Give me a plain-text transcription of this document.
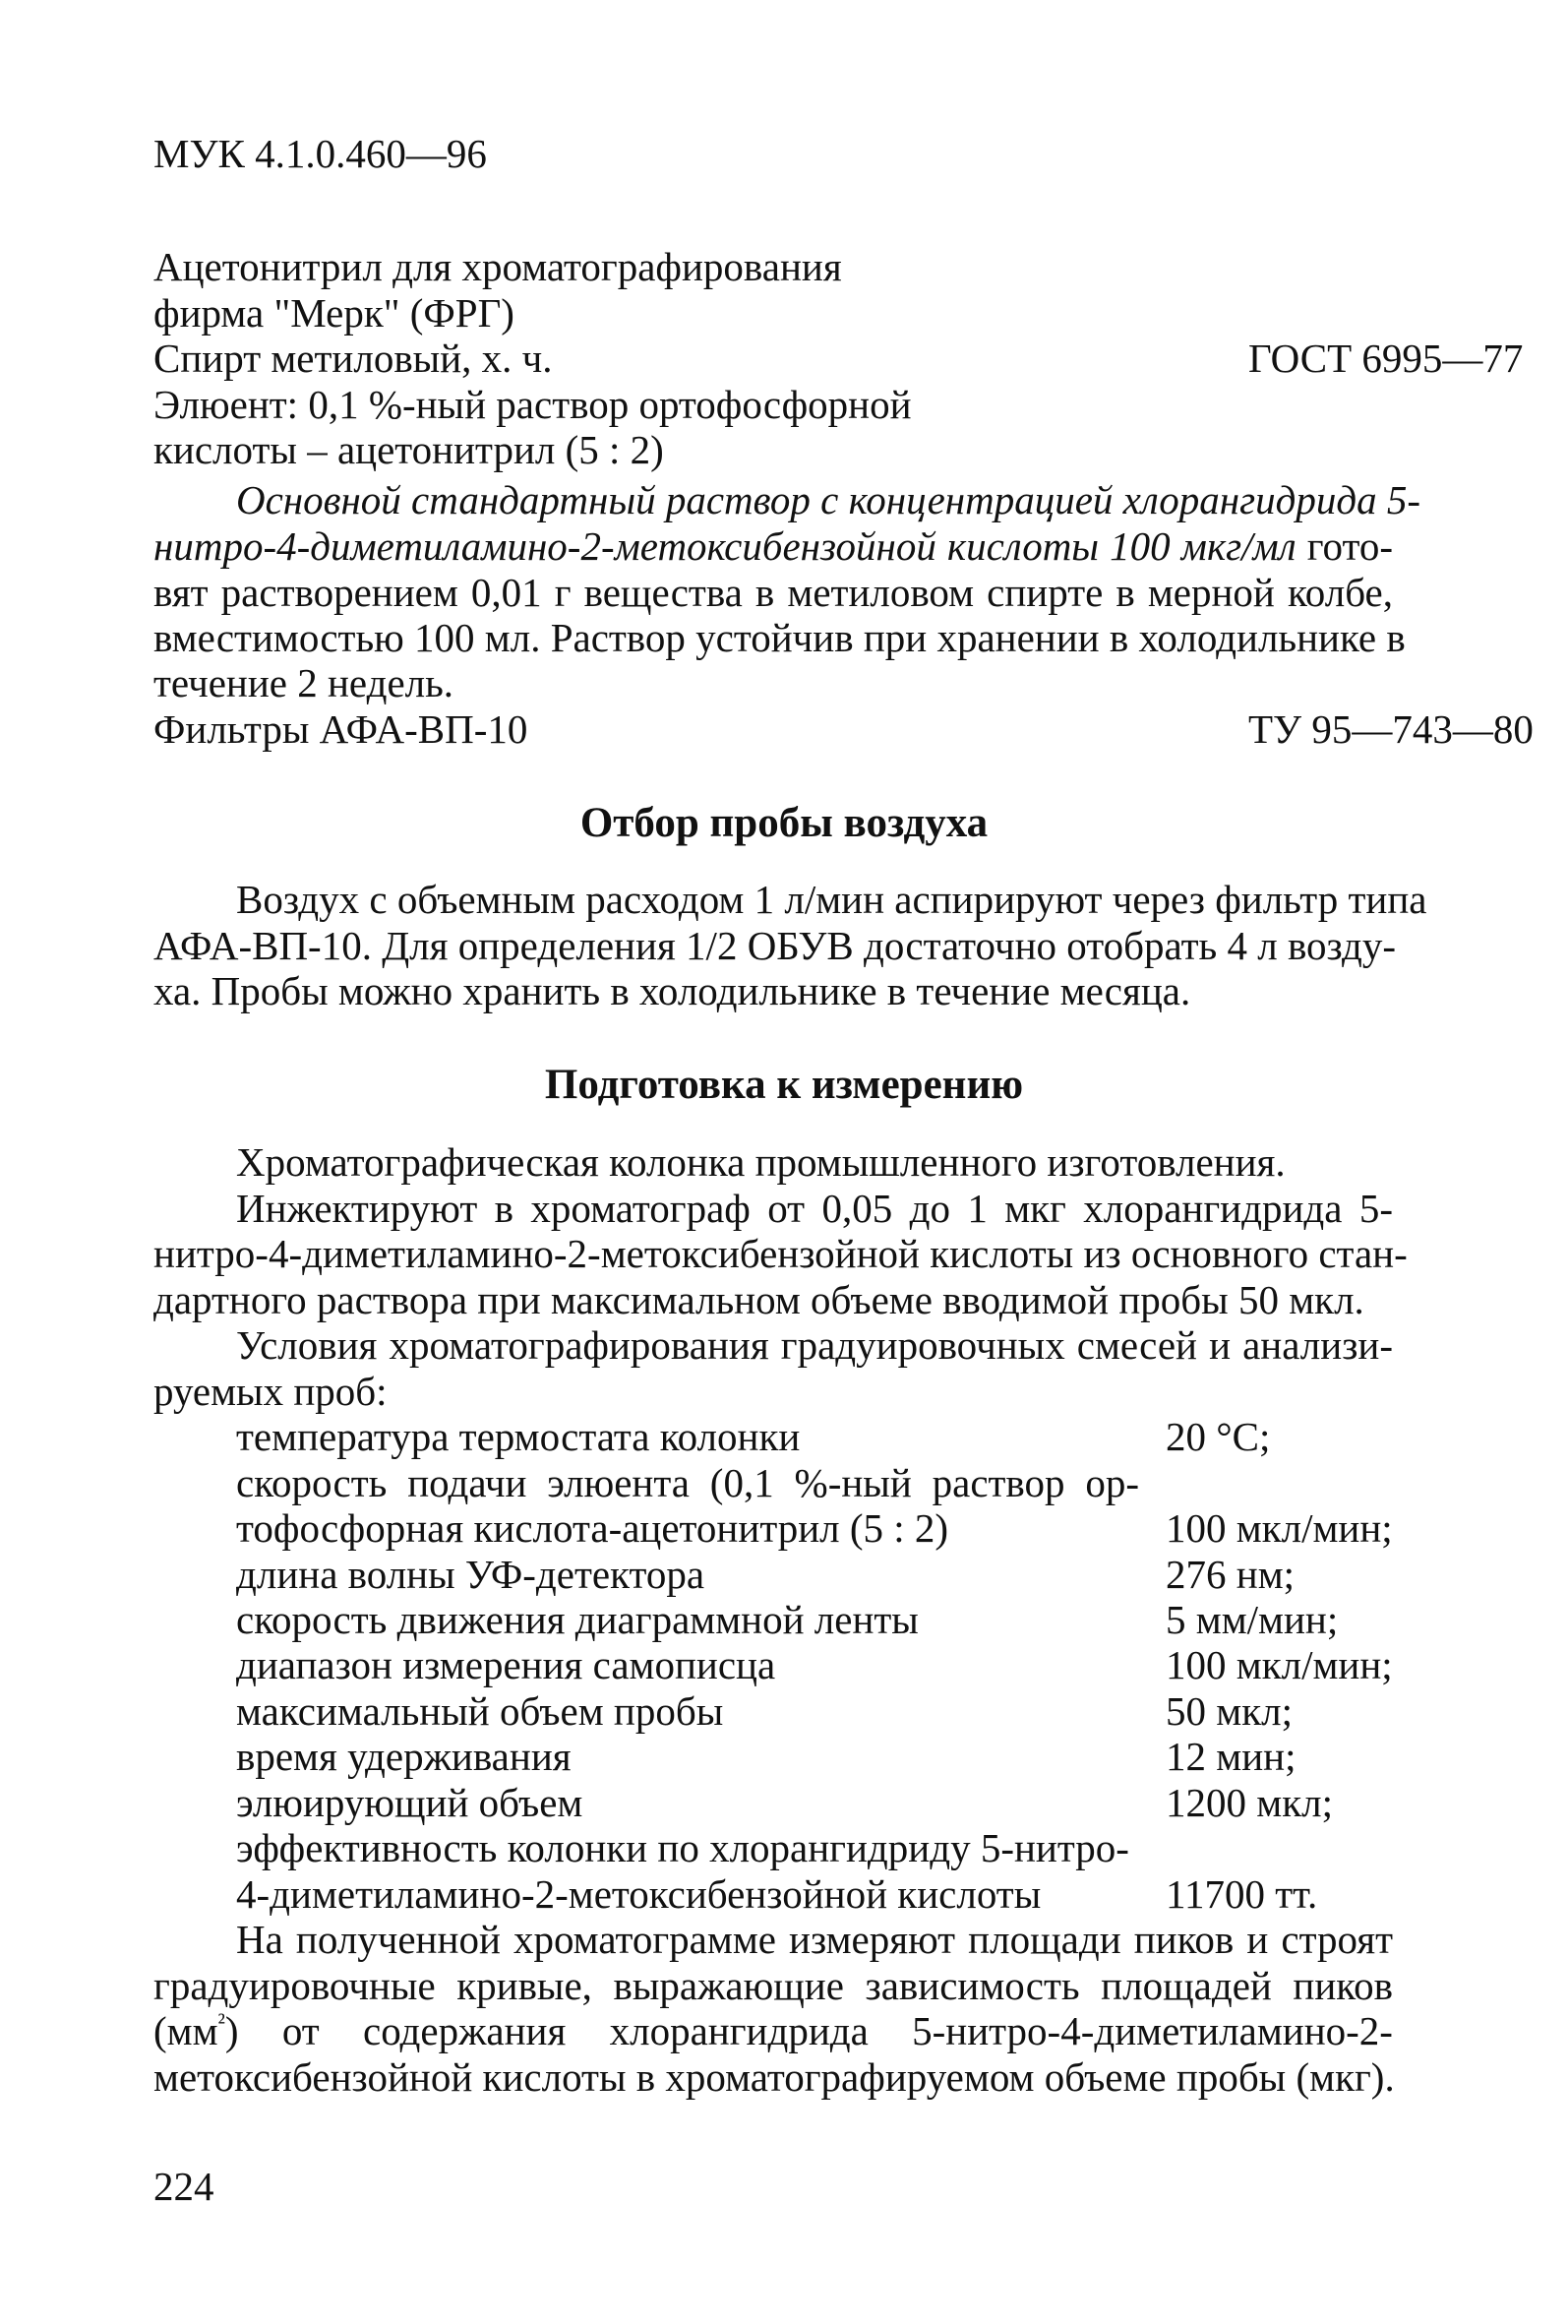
МУК 4.1.0.460—96
Ацетонитрил для хроматографирования
фирма "Мерк" (ФРГ)
Спирт метиловый, х. ч.	ГОСТ 6995—77
Элюент: 0,1 %-ный раствор ортофосфорной
кислоты – ацетонитрил (5 : 2)
Основной стандартный раствор с концентрацией хлорангидрида 5-
нитро-4-диметиламино-2-метоксибензойной кислоты 100 мкг/мл гото-
вят растворением 0,01 г вещества в метиловом спирте в мерной колбе,
вместимостью 100 мл. Раствор устойчив при хранении в холодильнике в
течение 2 недель.
Фильтры АФА-ВП-10	ТУ 95—743—80
Отбор пробы воздуха
Воздух с объемным расходом 1 л/мин аспирируют через фильтр типа
АФА-ВП-10. Для определения 1/2 ОБУВ достаточно отобрать 4 л возду-
ха. Пробы можно хранить в холодильнике в течение месяца.
Подготовка к измерению
Хроматографическая колонка промышленного изготовления.
Инжектируют в хроматограф от 0,05 до 1 мкг хлорангидрида 5-
нитро-4-диметиламино-2-метоксибензойной кислоты из основного стан-
дартного раствора при максимальном объеме вводимой пробы 50 мкл.
Условия хроматографирования градуировочных смесей и анализи-
руемых проб:
температура термостата колонки	20 °С;
скорость подачи элюента (0,1 %-ный раствор ор-
тофосфорная кислота-ацетонитрил (5 : 2)	100 мкл/мин;
длина волны УФ-детектора	276 нм;
скорость движения диаграммной ленты	5 мм/мин;
диапазон измерения самописца	100 мкл/мин;
максимальный объем пробы	50 мкл;
время удерживания	12 мин;
элюирующий объем	1200 мкл;
эффективность колонки по хлорангидриду 5-нитро-
4-диметиламино-2-метоксибензойной кислоты	11700 тт.
На полученной хроматограмме измеряют площади пиков и строят
градуировочные кривые, выражающие зависимость площадей пиков
$(мм^{^2})$ от содержания хлорангидрида 5-нитро-4-диметиламино-2-
метоксибензойной кислоты в хроматографируемом объеме пробы (мкг).
224
